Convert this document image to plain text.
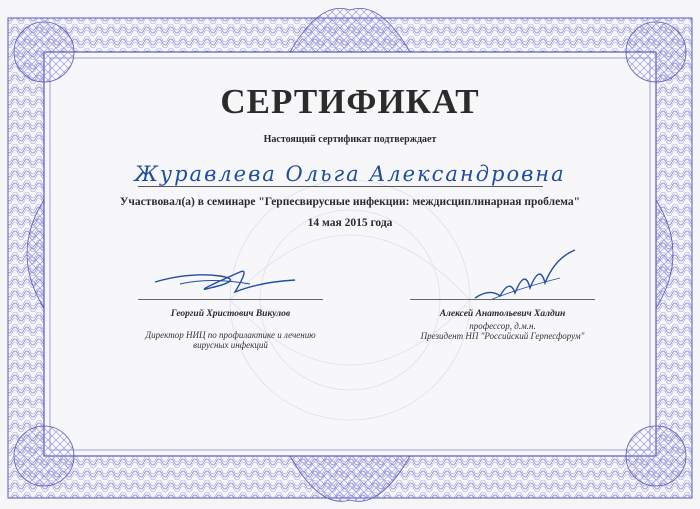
СЕРТИФИКАТ
Настоящий сертификат подтверждает
Журавлева Ольга Александровна
Участвовал(а) в семинаре "Герпесвирусные инфекции: междисциплинарная проблема"
14 мая 2015 года
Георгий Христович Викулов
Директор НИЦ по профилактике и лечению
вирусных инфекций
Алексей Анатольевич Халдин
профессор, д.м.н.
Президент НП "Российский Герпесфорум"
